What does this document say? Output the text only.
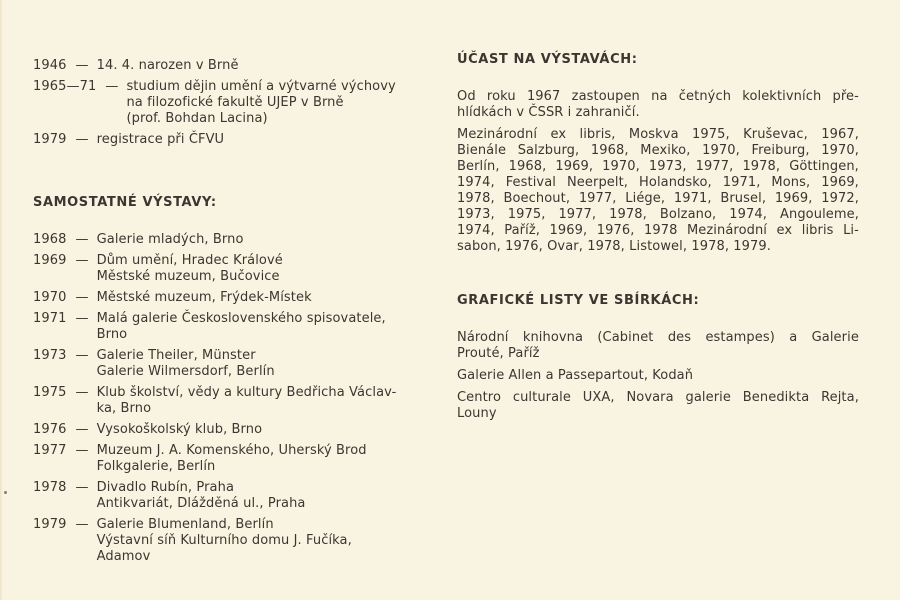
1946 — 14. 4. narozen v Brně
1965—71 — studium dějin umění a výtvarné výchovy
na filozofické fakultě UJEP v Brně
(prof. Bohdan Lacina)
1979 — registrace při ČFVU
SAMOSTATNÉ VÝSTAVY:
1968 — Galerie mladých, Brno
1969 — Dům umění, Hradec Králové
Městské muzeum, Bučovice
1970 — Městské muzeum, Frýdek-Místek
1971 — Malá galerie Československého spisovatele,
Brno
1973 — Galerie Theiler, Münster
Galerie Wilmersdorf, Berlín
1975 — Klub školství, vědy a kultury Bedřicha Václav-
ka, Brno
1976 — Vysokoškolský klub, Brno
1977 — Muzeum J. A. Komenského, Uherský Brod
Folkgalerie, Berlín
1978 — Divadlo Rubín, Praha
Antikvariát, Dlážděná ul., Praha
1979 — Galerie Blumenland, Berlín
Výstavní síň Kulturního domu J. Fučíka,
Adamov
ÚČAST NA VÝSTAVÁCH:
Od roku 1967 zastoupen na četných kolektivních pře-
hlídkách v ČSSR i zahraničí.
Mezinárodní ex libris, Moskva 1975, Kruševac, 1967,
Bienále Salzburg, 1968, Mexiko, 1970, Freiburg, 1970,
Berlín, 1968, 1969, 1970, 1973, 1977, 1978, Göttingen,
1974, Festival Neerpelt, Holandsko, 1971, Mons, 1969,
1978, Boechout, 1977, Liége, 1971, Brusel, 1969, 1972,
1973, 1975, 1977, 1978, Bolzano, 1974, Angouleme,
1974, Paříž, 1969, 1976, 1978 Mezinárodní ex libris Li-
sabon, 1976, Ovar, 1978, Listowel, 1978, 1979.
GRAFICKÉ LISTY VE SBÍRKÁCH:
Národní knihovna (Cabinet des estampes) a Galerie
Prouté, Paříž
Galerie Allen a Passepartout, Kodaň
Centro culturale UXA, Novara galerie Benedikta Rejta,
Louny
